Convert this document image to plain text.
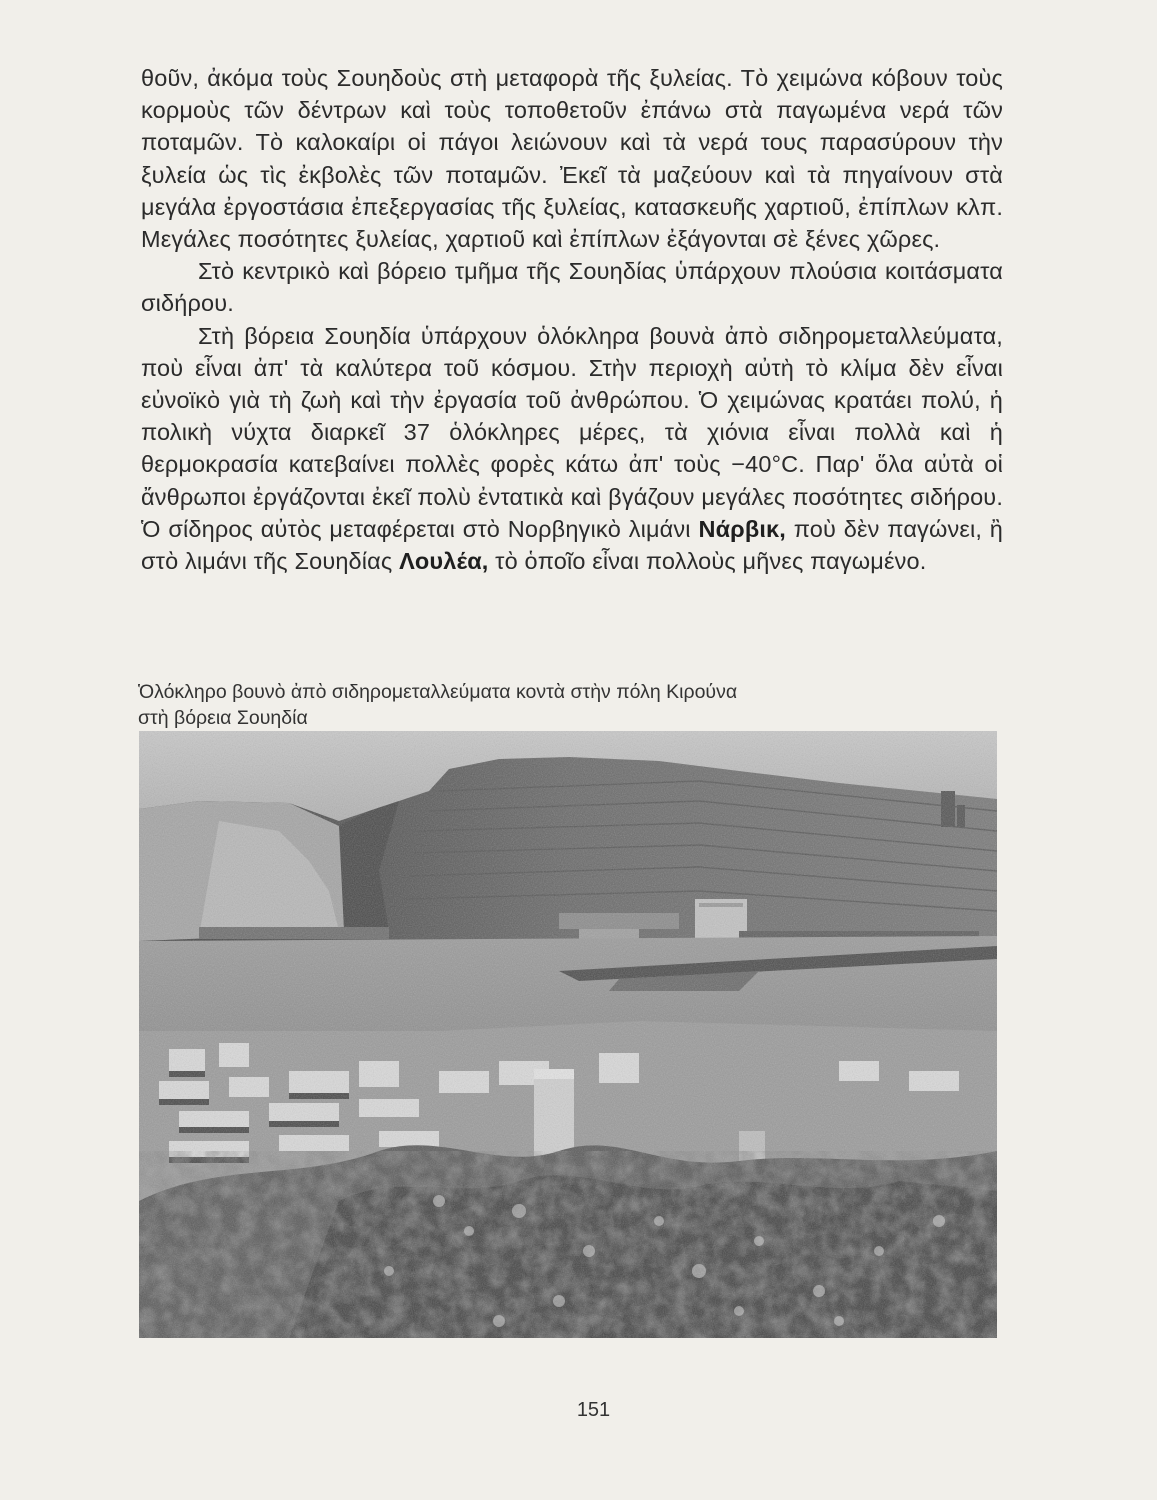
θοῦν, ἀκόμα τοὺς Σουηδοὺς στὴ μεταφορὰ τῆς ξυλείας. Τὸ χειμώνα κόβουν τοὺς κορμοὺς τῶν δέντρων καὶ τοὺς τοποθετοῦν ἐπάνω στὰ παγωμένα νερά τῶν ποταμῶν. Τὸ καλοκαίρι οἱ πάγοι λειώνουν καὶ τὰ νερά τους παρασύρουν τὴν ξυλεία ὡς τὶς ἐκβολὲς τῶν ποταμῶν. Ἐκεῖ τὰ μαζεύουν καὶ τὰ πηγαίνουν στὰ μεγάλα ἐργοστάσια ἐπεξεργασίας τῆς ξυλείας, κατασκευῆς χαρτιοῦ, ἐπίπλων κλπ. Μεγάλες ποσότητες ξυλείας, χαρτιοῦ καὶ ἐπίπλων ἐξάγονται σὲ ξένες χῶρες.

Στὸ κεντρικὸ καὶ βόρειο τμῆμα τῆς Σουηδίας ὑπάρχουν πλούσια κοιτάσματα σιδήρου.

Στὴ βόρεια Σουηδία ὑπάρχουν ὁλόκληρα βουνὰ ἀπὸ σιδηρομεταλλεύματα, ποὺ εἶναι ἀπ' τὰ καλύτερα τοῦ κόσμου. Στὴν περιοχὴ αὐτὴ τὸ κλίμα δὲν εἶναι εὐνοϊκὸ γιὰ τὴ ζωὴ καὶ τὴν ἐργασία τοῦ ἀνθρώπου. Ὁ χειμώνας κρατάει πολύ, ἡ πολικὴ νύχτα διαρκεῖ 37 ὁλόκληρες μέρες, τὰ χιόνια εἶναι πολλὰ καὶ ἡ θερμοκρασία κατεβαίνει πολλὲς φορὲς κάτω ἀπ' τοὺς −40°C. Παρ' ὅλα αὐτὰ οἱ ἄνθρωποι ἐργάζονται ἐκεῖ πολὺ ἐντατικὰ καὶ βγάζουν μεγάλες ποσότητες σιδήρου. Ὁ σίδηρος αὐτὸς μεταφέρεται στὸ Νορβηγικὸ λιμάνι Νάρβικ, ποὺ δὲν παγώνει, ἢ στὸ λιμάνι τῆς Σουηδίας Λουλέα, τὸ ὁποῖο εἶναι πολλοὺς μῆνες παγωμένο.

Ὁλόκληρο βουνὸ ἀπὸ σιδηρομεταλλεύματα κοντὰ στὴν πόλη Κιρούνα
στὴ βόρεια Σουηδία
151
